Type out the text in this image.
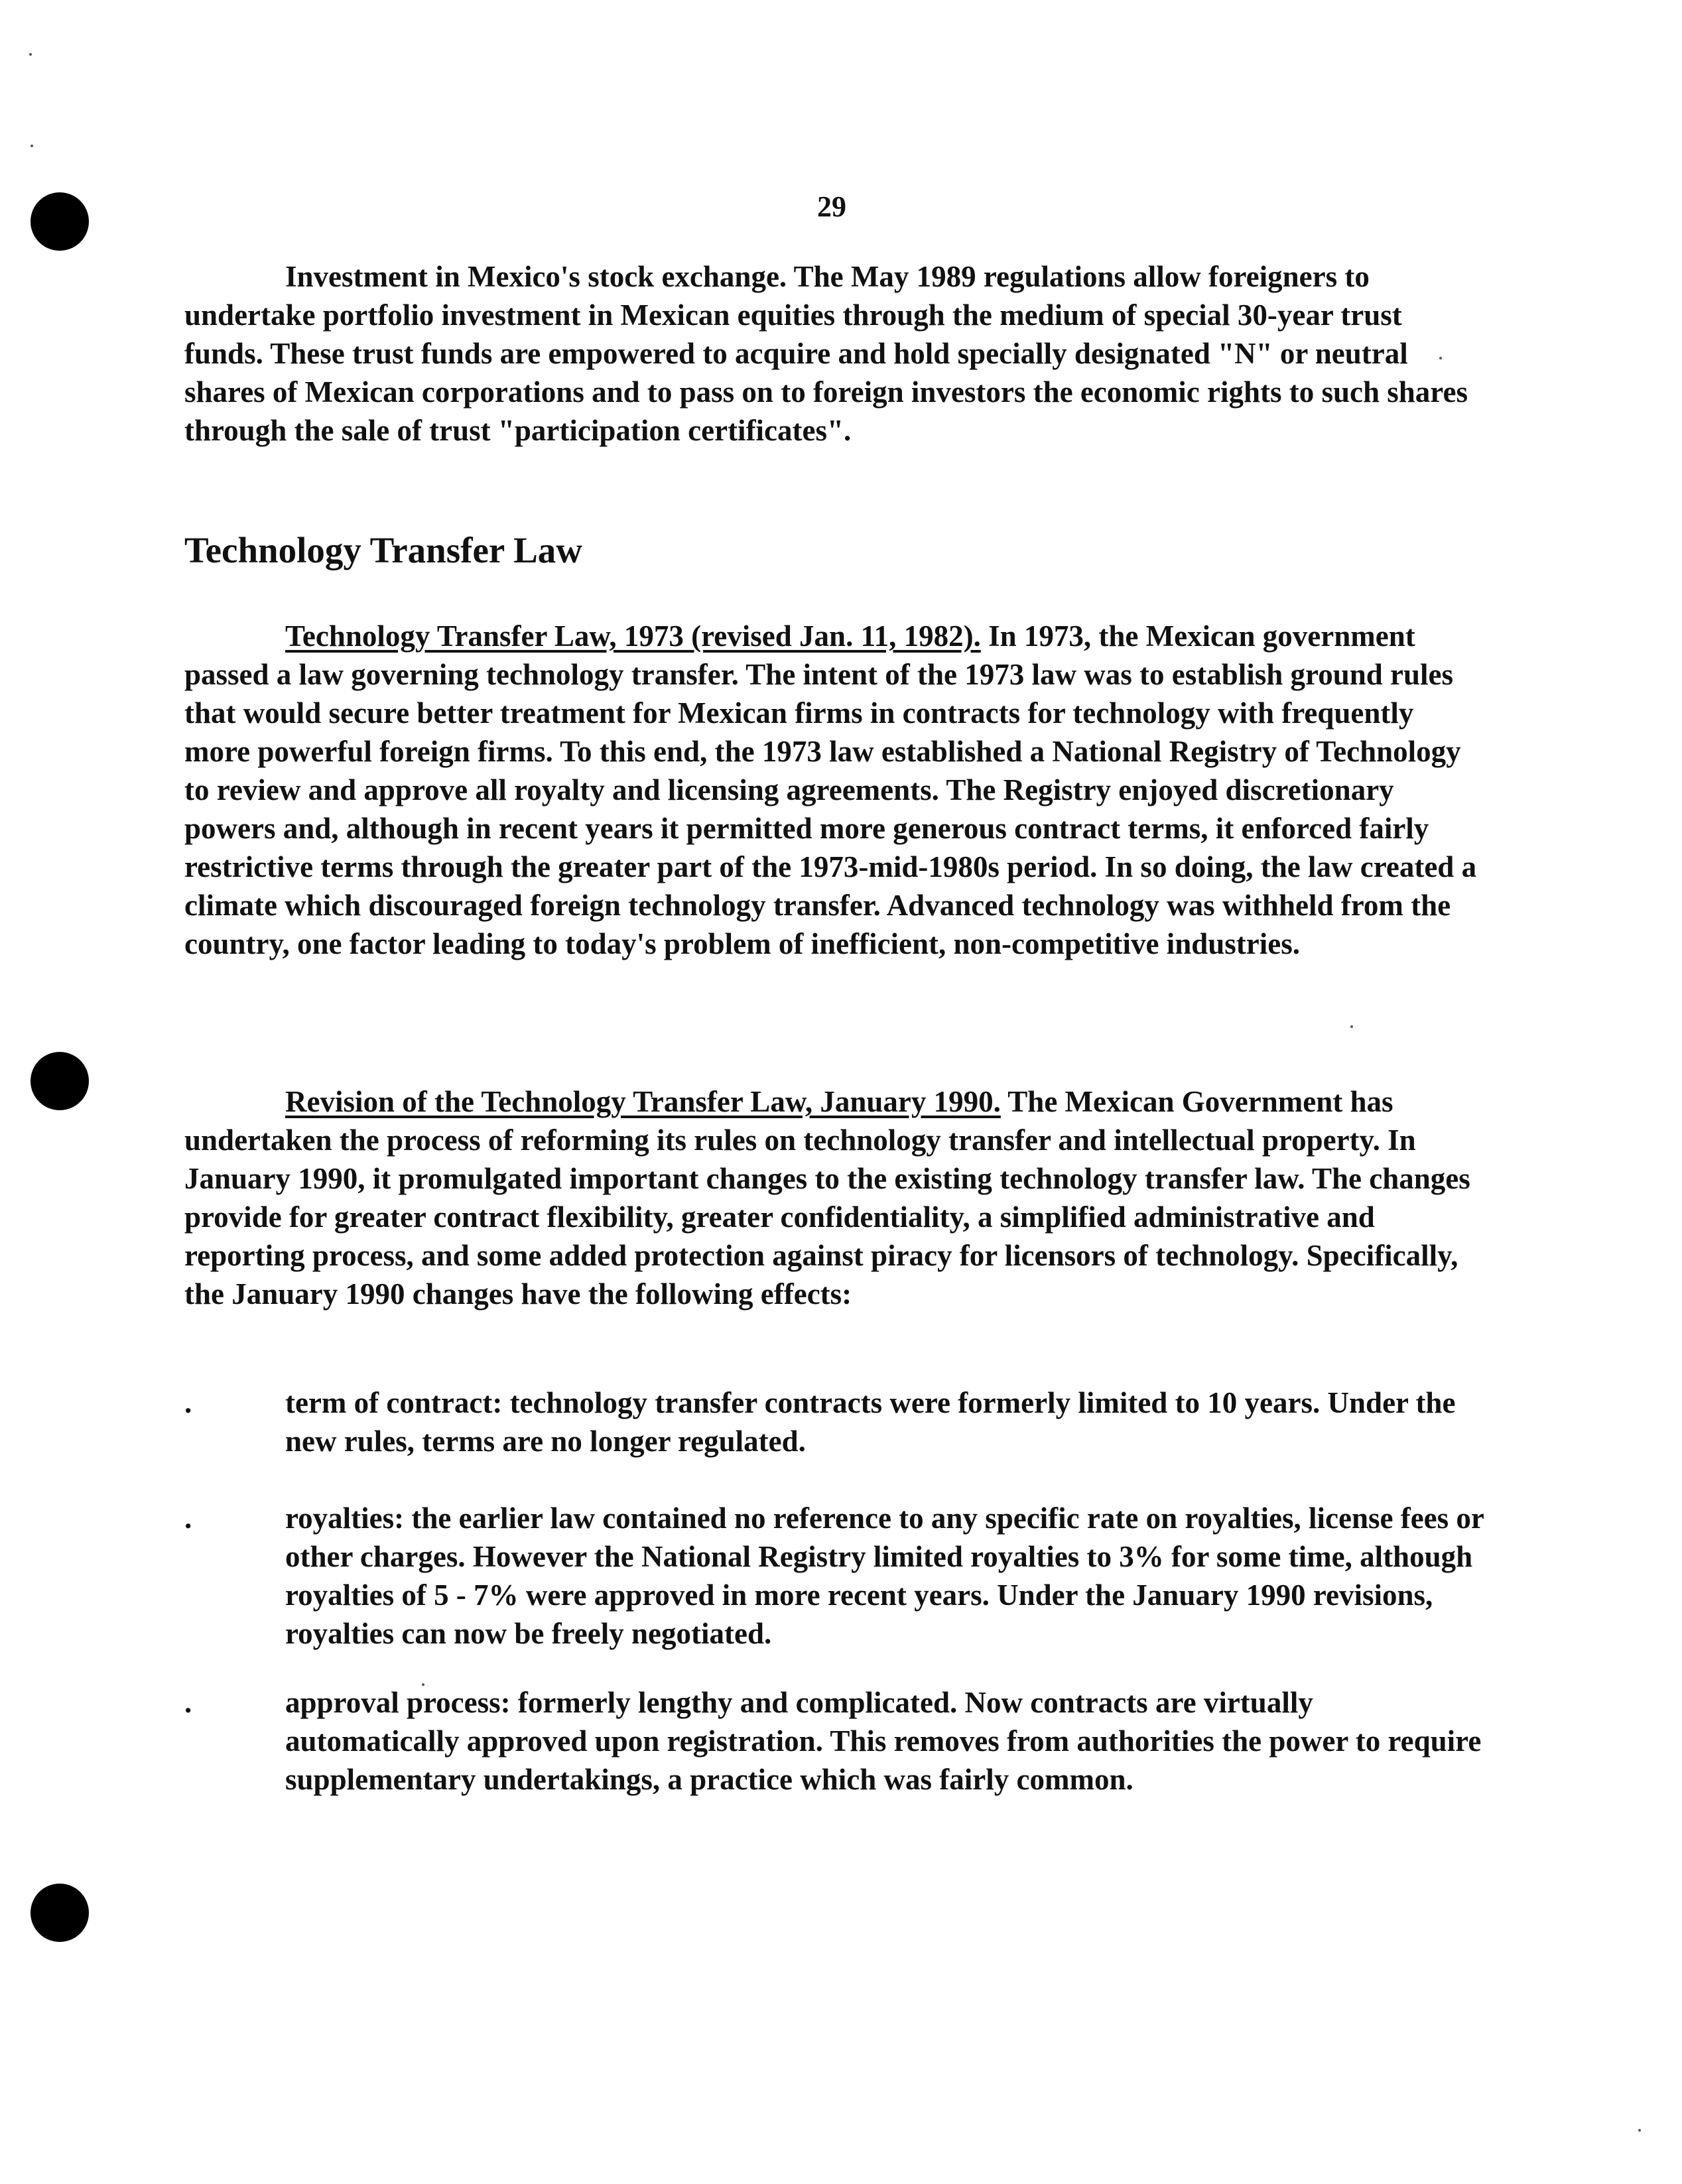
29

Investment in Mexico's stock exchange. The May 1989 regulations allow foreigners to undertake portfolio investment in Mexican equities through the medium of special 30-year trust funds. These trust funds are empowered to acquire and hold specially designated "N" or neutral shares of Mexican corporations and to pass on to foreign investors the economic rights to such shares through the sale of trust "participation certificates".

Technology Transfer Law

Technology Transfer Law, 1973 (revised Jan. 11, 1982). In 1973, the Mexican government passed a law governing technology transfer. The intent of the 1973 law was to establish ground rules that would secure better treatment for Mexican firms in contracts for technology with frequently more powerful foreign firms. To this end, the 1973 law established a National Registry of Technology to review and approve all royalty and licensing agreements. The Registry enjoyed discretionary powers and, although in recent years it permitted more generous contract terms, it enforced fairly restrictive terms through the greater part of the 1973-mid-1980s period. In so doing, the law created a climate which discouraged foreign technology transfer. Advanced technology was withheld from the country, one factor leading to today's problem of inefficient, non-competitive industries.

Revision of the Technology Transfer Law, January 1990. The Mexican Government has undertaken the process of reforming its rules on technology transfer and intellectual property. In January 1990, it promulgated important changes to the existing technology transfer law. The changes provide for greater contract flexibility, greater confidentiality, a simplified administrative and reporting process, and some added protection against piracy for licensors of technology. Specifically, the January 1990 changes have the following effects:

.	term of contract: technology transfer contracts were formerly limited to 10 years. Under the new rules, terms are no longer regulated.
.	royalties: the earlier law contained no reference to any specific rate on royalties, license fees or other charges. However the National Registry limited royalties to 3% for some time, although royalties of 5 - 7% were approved in more recent years. Under the January 1990 revisions, royalties can now be freely negotiated.
.	approval process: formerly lengthy and complicated. Now contracts are virtually automatically approved upon registration. This removes from authorities the power to require supplementary undertakings, a practice which was fairly common.
